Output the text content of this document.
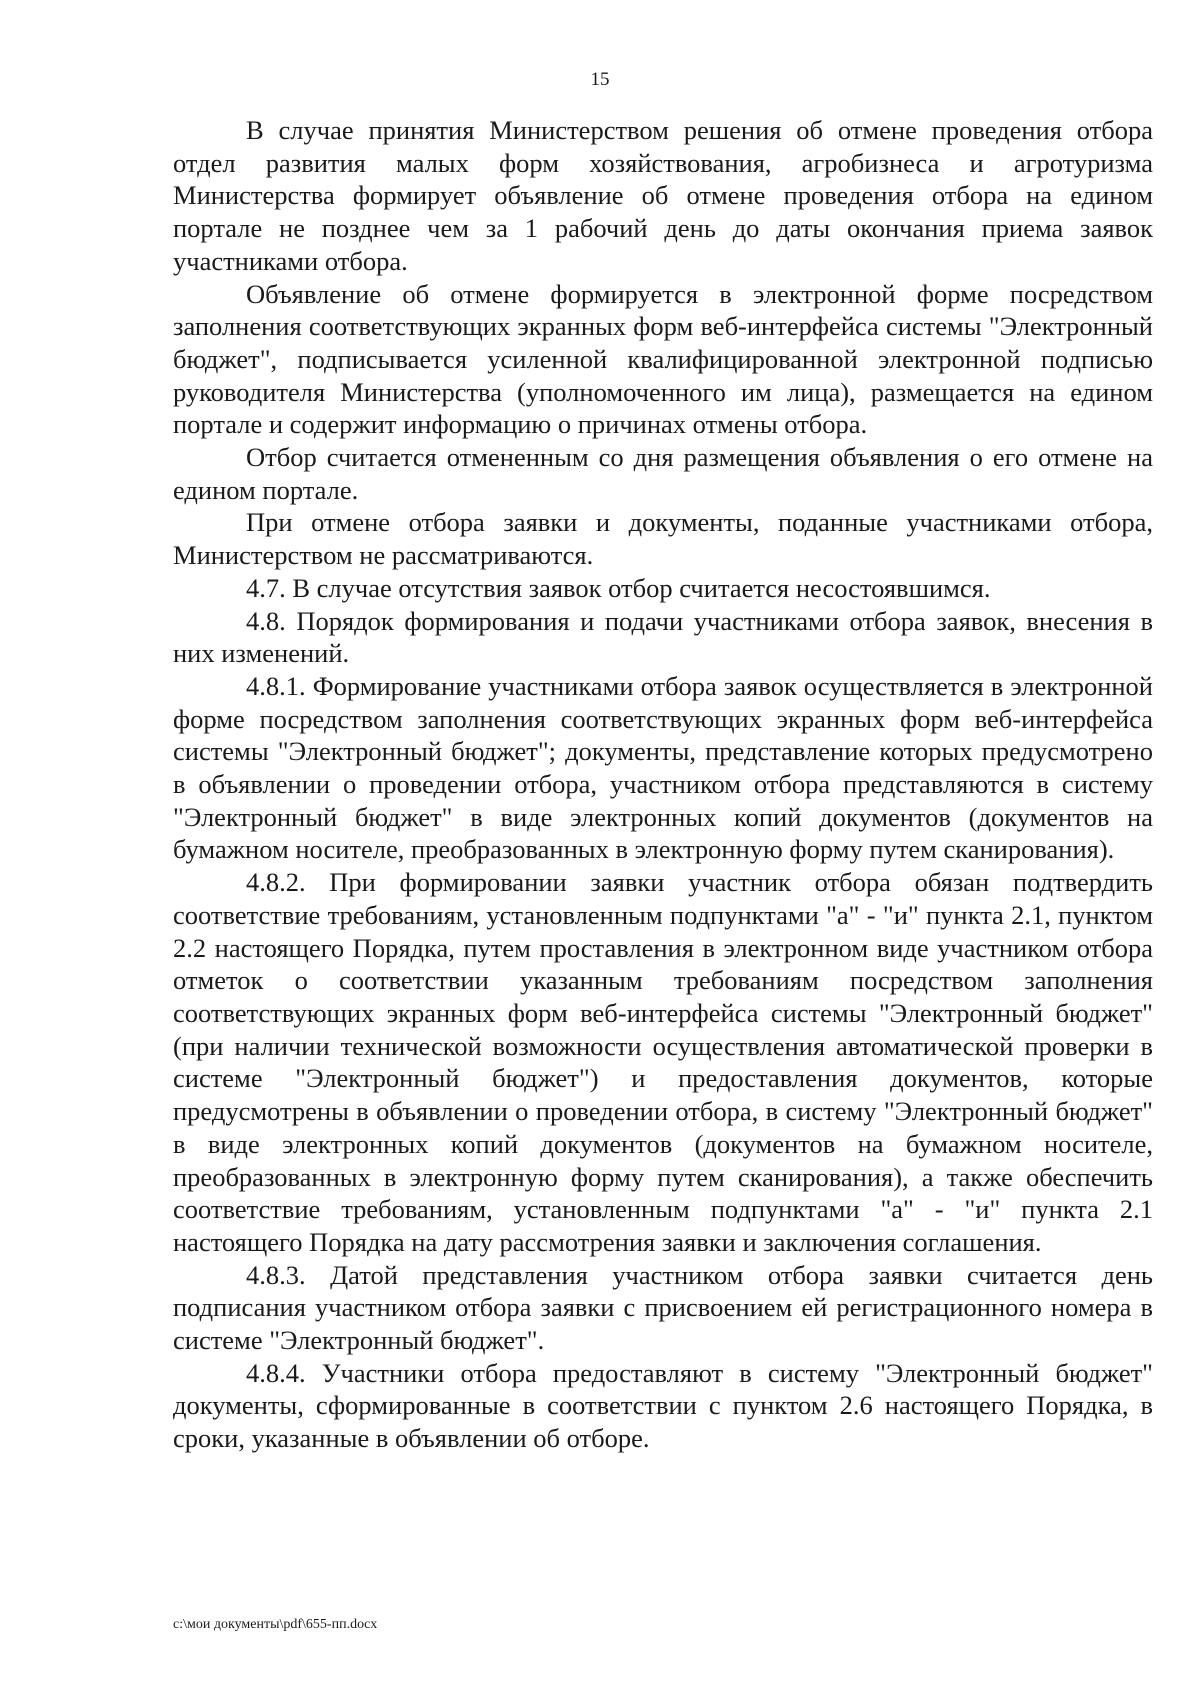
15

В случае принятия Министерством решения об отмене проведения отбора отдел развития малых форм хозяйствования, агробизнеса и агротуризма Министерства формирует объявление об отмене проведения отбора на едином портале не позднее чем за 1 рабочий день до даты окончания приема заявок участниками отбора.

Объявление об отмене формируется в электронной форме посредством заполнения соответствующих экранных форм веб-интерфейса системы "Электронный бюджет", подписывается усиленной квалифицированной электронной подписью руководителя Министерства (уполномоченного им лица), размещается на едином портале и содержит информацию о причинах отмены отбора.

Отбор считается отмененным со дня размещения объявления о его отмене на едином портале.

При отмене отбора заявки и документы, поданные участниками отбора, Министерством не рассматриваются.

4.7. В случае отсутствия заявок отбор считается несостоявшимся.

4.8. Порядок формирования и подачи участниками отбора заявок, внесения в них изменений.

4.8.1. Формирование участниками отбора заявок осуществляется в электронной форме посредством заполнения соответствующих экранных форм веб-интерфейса системы "Электронный бюджет"; документы, представление которых предусмотрено в объявлении о проведении отбора, участником отбора представляются в систему "Электронный бюджет" в виде электронных копий документов (документов на бумажном носителе, преобразованных в электронную форму путем сканирования).

4.8.2. При формировании заявки участник отбора обязан подтвердить соответствие требованиям, установленным подпунктами "а" - "и" пункта 2.1, пунктом 2.2 настоящего Порядка, путем проставления в электронном виде участником отбора отметок о соответствии указанным требованиям посредством заполнения соответствующих экранных форм веб-интерфейса системы "Электронный бюджет" (при наличии технической возможности осуществления автоматической проверки в системе "Электронный бюджет") и предоставления документов, которые предусмотрены в объявлении о проведении отбора, в систему "Электронный бюджет" в виде электронных копий документов (документов на бумажном носителе, преобразованных в электронную форму путем сканирования), а также обеспечить соответствие требованиям, установленным подпунктами "а" - "и" пункта 2.1 настоящего Порядка на дату рассмотрения заявки и заключения соглашения.

4.8.3. Датой представления участником отбора заявки считается день подписания участником отбора заявки с присвоением ей регистрационного номера в системе "Электронный бюджет".

4.8.4. Участники отбора предоставляют в систему "Электронный бюджет" документы, сформированные в соответствии с пунктом 2.6 настоящего Порядка, в сроки, указанные в объявлении об отборе.

c:\мои документы\pdf\655-пп.docx
